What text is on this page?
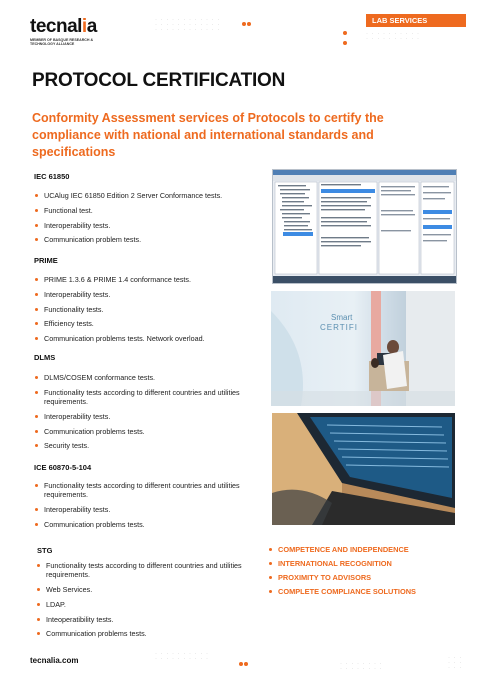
tecnalia
MEMBER OF BASQUE RESEARCH & TECHNOLOGY ALLIANCE
LAB SERVICES
· · · · · · · · · · · ·
· · · · · · · · · · · ·
· · · · · · · · · · · ·
· · · · · · · · · ·
· · · · · · · · · ·
PROTOCOL CERTIFICATION
Conformity Assessment services of Protocols to certify the compliance with national and international standards and specifications
IEC 61850
UCAlug IEC 61850 Edition 2 Server Conformance tests.
Functional test.
Interoperability tests.
Communication problem tests.
PRIME
PRIME 1.3.6 & PRIME 1.4 conformance tests.
Interoperability tests.
Functionality tests.
Efficiency tests.
Communication problems tests. Network overload.
DLMS
DLMS/COSEM conformance tests.
Functionality tests according to different countries and utilities requirements.
Interoperability tests.
Communication problems tests.
Security tests.
ICE 60870-5-104
Functionality tests according to different countries and utilities requirements.
Interoperability tests.
Communication problems tests.
STG
Functionality tests according to different countries and utilities requirements.
Web Services.
LDAP.
Inteoperatibility tests.
Communication problems tests.
COMPETENCE AND INDEPENDENCE
INTERNATIONAL RECOGNITION
PROXIMITY TO ADVISORS
COMPLETE COMPLIANCE SOLUTIONS
Smart
CERTIFI
tecnalia.com
· · · · · · · · · ·
· · · · · · · · · ·
· · · · · · · ·
· · · · · · · ·
· · ·
· · ·
· · ·
